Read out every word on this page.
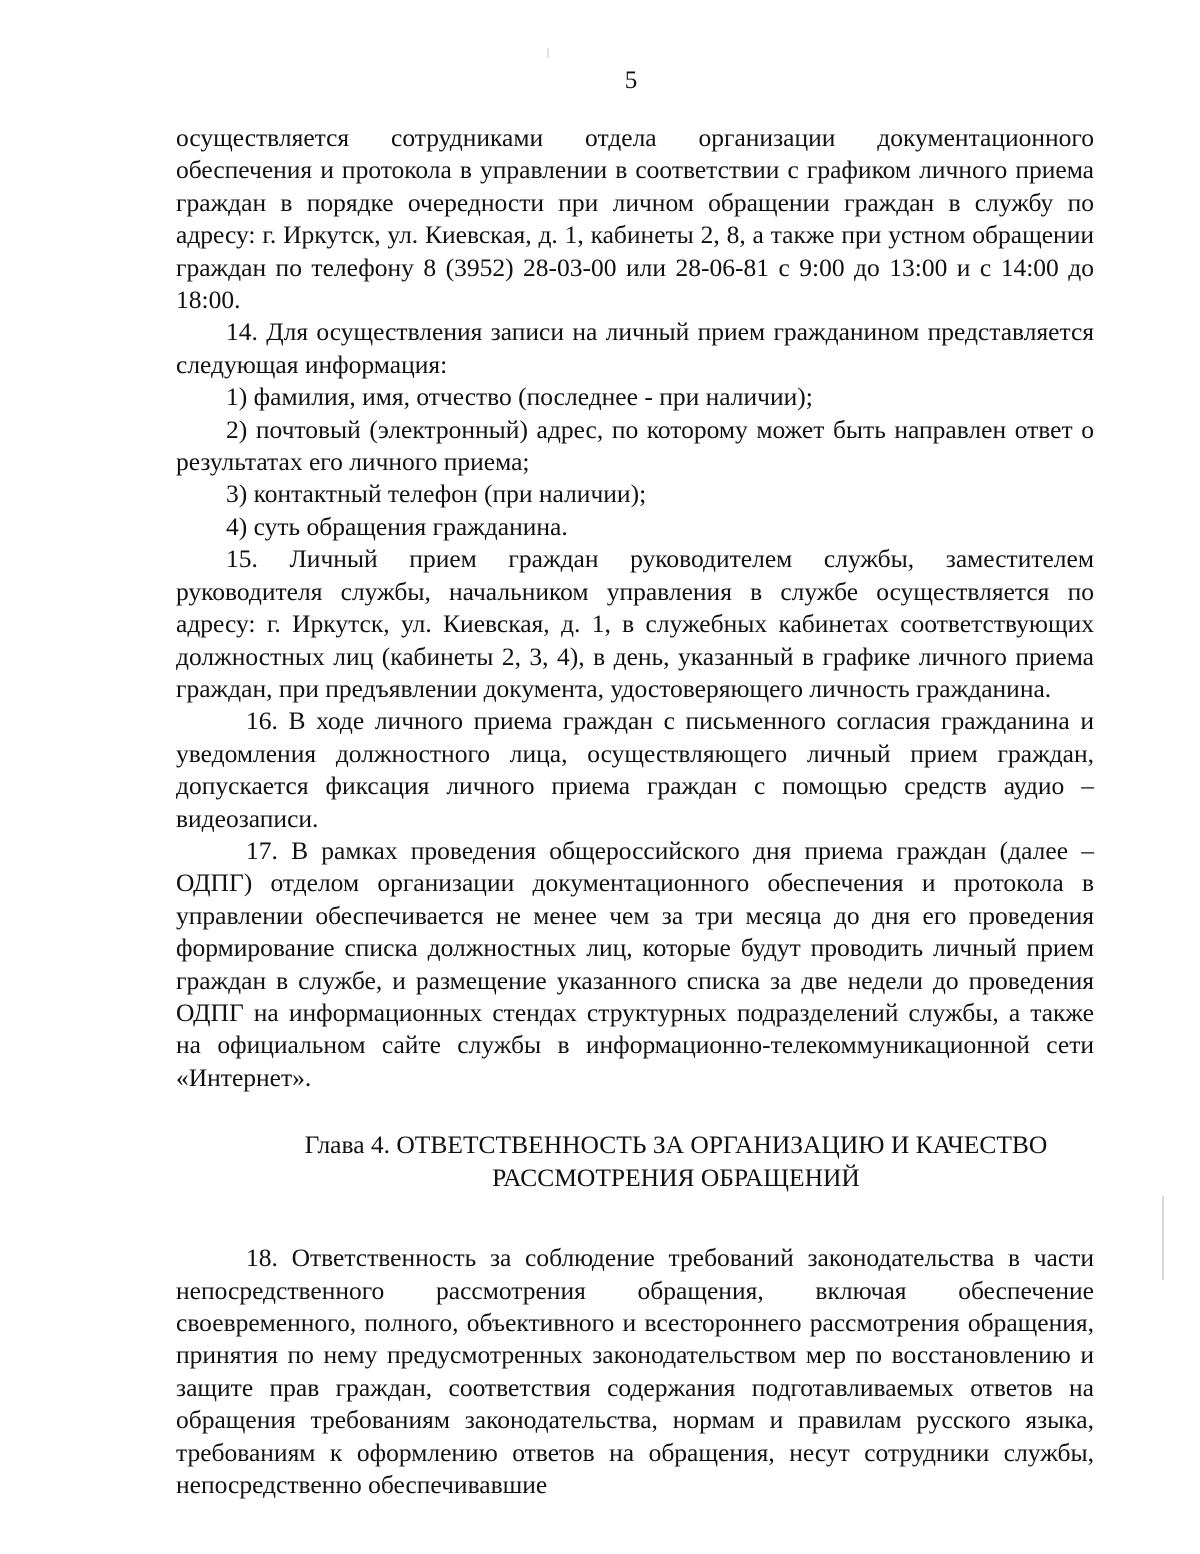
5

осуществляется сотрудниками отдела организации документационного обеспечения и протокола в управлении в соответствии с графиком личного приема граждан в порядке очередности при личном обращении граждан в службу по адресу: г. Иркутск, ул. Киевская, д. 1, кабинеты 2, 8, а также при устном обращении граждан по телефону 8 (3952) 28-03-00 или 28-06-81 с 9:00 до 13:00 и с 14:00 до 18:00.

14. Для осуществления записи на личный прием гражданином представляется следующая информация:

1) фамилия, имя, отчество (последнее - при наличии);

2) почтовый (электронный) адрес, по которому может быть направлен ответ о результатах его личного приема;

3) контактный телефон (при наличии);

4) суть обращения гражданина.

15. Личный прием граждан руководителем службы, заместителем руководителя службы, начальником управления в службе осуществляется по адресу: г. Иркутск, ул. Киевская, д. 1, в служебных кабинетах соответствующих должностных лиц (кабинеты 2, 3, 4), в день, указанный в графике личного приема граждан, при предъявлении документа, удостоверяющего личность гражданина.

16. В ходе личного приема граждан с письменного согласия гражданина и уведомления должностного лица, осуществляющего личный прием граждан, допускается фиксация личного приема граждан с помощью средств аудио – видеозаписи.

17. В рамках проведения общероссийского дня приема граждан (далее – ОДПГ) отделом организации документационного обеспечения и протокола в управлении обеспечивается не менее чем за три месяца до дня его проведения формирование списка должностных лиц, которые будут проводить личный прием граждан в службе, и размещение указанного списка за две недели до проведения ОДПГ на информационных стендах структурных подразделений службы, а также на официальном сайте службы в информационно-телекоммуникационной сети «Интернет».

Глава 4. ОТВЕТСТВЕННОСТЬ ЗА ОРГАНИЗАЦИЮ И КАЧЕСТВО
РАССМОТРЕНИЯ ОБРАЩЕНИЙ

18. Ответственность за соблюдение требований законодательства в части непосредственного рассмотрения обращения, включая обеспечение своевременного, полного, объективного и всестороннего рассмотрения обращения, принятия по нему предусмотренных законодательством мер по восстановлению и защите прав граждан, соответствия содержания подготавливаемых ответов на обращения требованиям законодательства, нормам и правилам русского языка, требованиям к оформлению ответов на обращения, несут сотрудники службы, непосредственно обеспечивавшие
